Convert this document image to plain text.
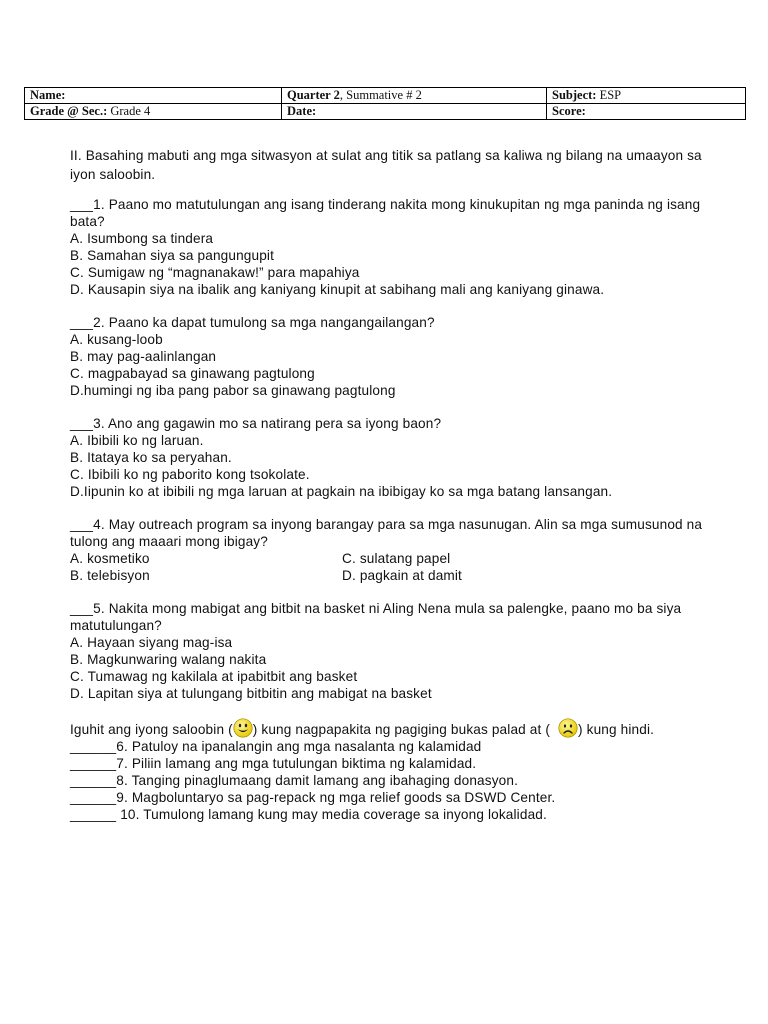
Name:	Quarter 2, Summative # 2	Subject: ESP
Grade @ Sec.: Grade 4	Date:	Score:

II. Basahing mabuti ang mga sitwasyon at sulat ang titik sa patlang sa kaliwa ng bilang na umaayon sa iyon saloobin.

___1. Paano mo matutulungan ang isang tinderang nakita mong kinukupitan ng mga paninda ng isang bata?

A. Isumbong sa tindera

B. Samahan siya sa pangungupit

C. Sumigaw ng “magnanakaw!” para mapahiya

D. Kausapin siya na ibalik ang kaniyang kinupit at sabihang mali ang kaniyang ginawa.

___2. Paano ka dapat tumulong sa mga nangangailangan?

A. kusang-loob

B. may pag-aalinlangan

C. magpabayad sa ginawang pagtulong

D.humingi ng iba pang pabor sa ginawang pagtulong

___3. Ano ang gagawin mo sa natirang pera sa iyong baon?

A. Ibibili ko ng laruan.

B. Itataya ko sa peryahan.

C. Ibibili ko ng paborito kong tsokolate.

D.Iipunin ko at ibibili ng mga laruan at pagkain na ibibigay ko sa mga batang lansangan.

___4. May outreach program sa inyong barangay para sa mga nasunugan. Alin sa mga sumusunod na tulong ang maaari mong ibigay?

A. kosmetiko	C. sulatang papel
B. telebisyon	D. pagkain at damit

___5. Nakita mong mabigat ang bitbit na basket ni Aling Nena mula sa palengke, paano mo ba siya matutulungan?

A. Hayaan siyang mag-isa

B. Magkunwaring walang nakita

C. Tumawag ng kakilala at ipabitbit ang basket

D. Lapitan siya at tulungang bitbitin ang mabigat na basket

Iguhit ang iyong saloobin ( ) kung nagpapakita ng pagiging bukas palad at ( ) kung hindi.

______6. Patuloy na ipanalangin ang mga nasalanta ng kalamidad

______7. Piliin lamang ang mga tutulungan biktima ng kalamidad.

______8. Tanging pinaglumaang damit lamang ang ibahaging donasyon.

______9. Magboluntaryo sa pag-repack ng mga relief goods sa DSWD Center.

______ 10. Tumulong lamang kung may media coverage sa inyong lokalidad.
